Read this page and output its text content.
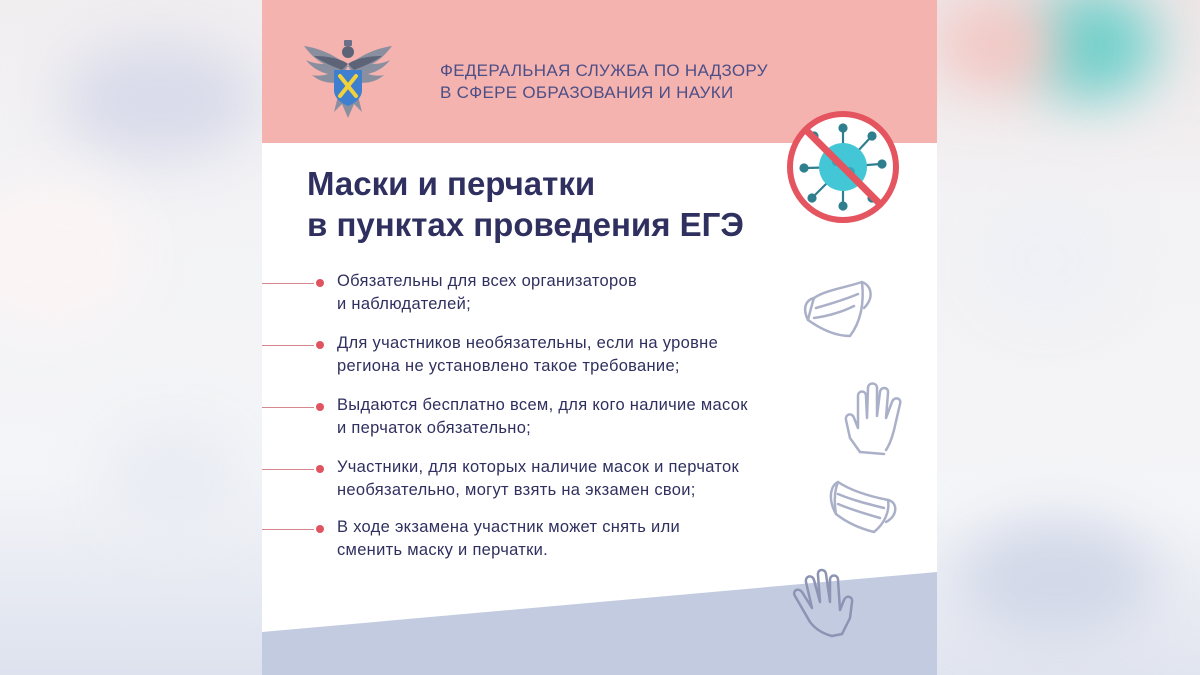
ФЕДЕРАЛЬНАЯ СЛУЖБА ПО НАДЗОРУ
В СФЕРЕ ОБРАЗОВАНИЯ И НАУКИ
Маски и перчатки
в пунктах проведения ЕГЭ
Обязательны для всех организаторов
и наблюдателей;
Для участников необязательны, если на уровне
региона не установлено такое требование;
Выдаются бесплатно всем, для кого наличие масок
и перчаток обязательно;
Участники, для которых наличие масок и перчаток
необязательно, могут взять на экзамен свои;
В ходе экзамена участник может снять или
сменить маску и перчатки.
